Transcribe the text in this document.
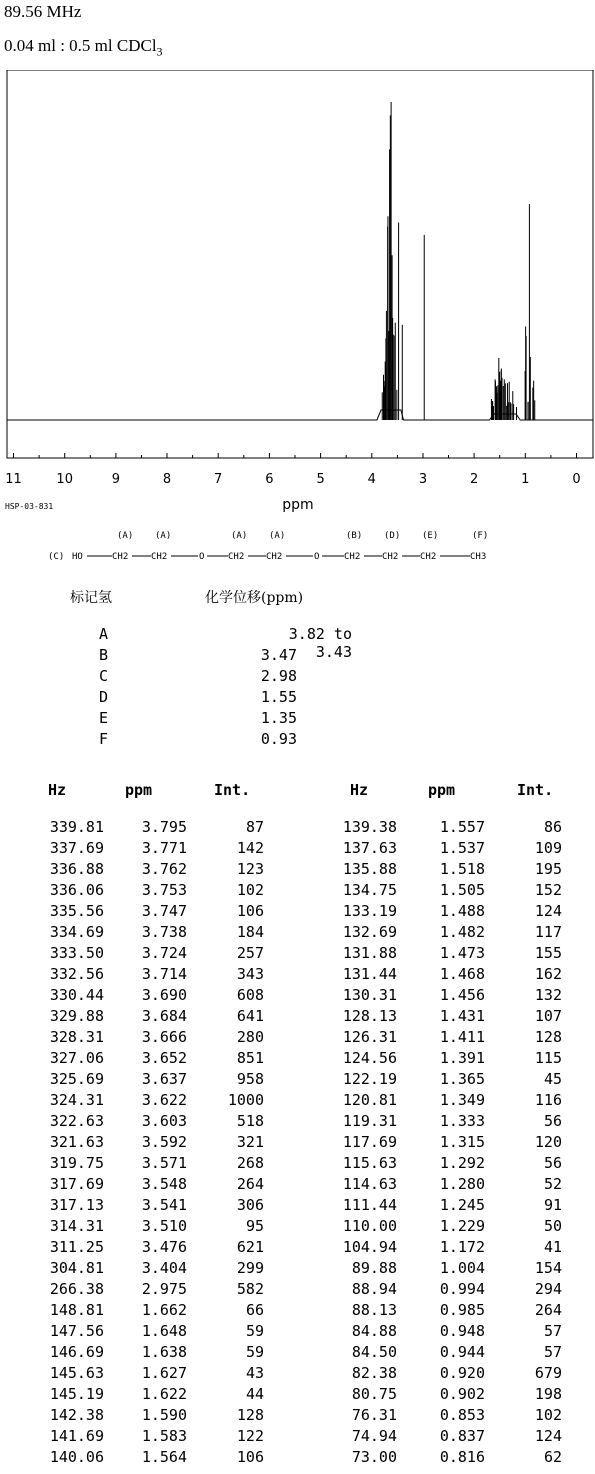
89.56 MHz
0.04 ml : 0.5 ml CDCl$_3$
11	10	9	8	7	6	5	4	3	2	1	0
ppm
HSP-03-831
(A) (A)	(A) (A)	(B) (D) (E)	(F)
(C) HO	CH2	CH2	O	CH2 CH2	O	CH2 CH2 CH2	CH3
标记氢	化学位移(ppm)
A	3.82 to 3.43
B	3.47
C	2.98
D	1.55
E	1.35
F	0.93
Hz	ppm	Int.	Hz	ppm	Int.
339.81	3.795	87
337.69	3.771	142
336.88	3.762	123
336.06	3.753	102
335.56	3.747	106
334.69	3.738	184
333.50	3.724	257
332.56	3.714	343
330.44	3.690	608
329.88	3.684	641
328.31	3.666	280
327.06	3.652	851
325.69	3.637	958
324.31	3.622	1000
322.63	3.603	518
321.63	3.592	321
319.75	3.571	268
317.69	3.548	264
317.13	3.541	306
314.31	3.510	95
311.25	3.476	621
304.81	3.404	299
266.38	2.975	582
148.81	1.662	66
147.56	1.648	59
146.69	1.638	59
145.63	1.627	43
145.19	1.622	44
142.38	1.590	128
141.69	1.583	122
140.06	1.564	106
139.38	1.557	86
137.63	1.537	109
135.88	1.518	195
134.75	1.505	152
133.19	1.488	124
132.69	1.482	117
131.88	1.473	155
131.44	1.468	162
130.31	1.456	132
128.13	1.431	107
126.31	1.411	128
124.56	1.391	115
122.19	1.365	45
120.81	1.349	116
119.31	1.333	56
117.69	1.315	120
115.63	1.292	56
114.63	1.280	52
111.44	1.245	91
110.00	1.229	50
104.94	1.172	41
89.88	1.004	154
88.94	0.994	294
88.13	0.985	264
84.88	0.948	57
84.50	0.944	57
82.38	0.920	679
80.75	0.902	198
76.31	0.853	102
74.94	0.837	124
73.00	0.816	62
